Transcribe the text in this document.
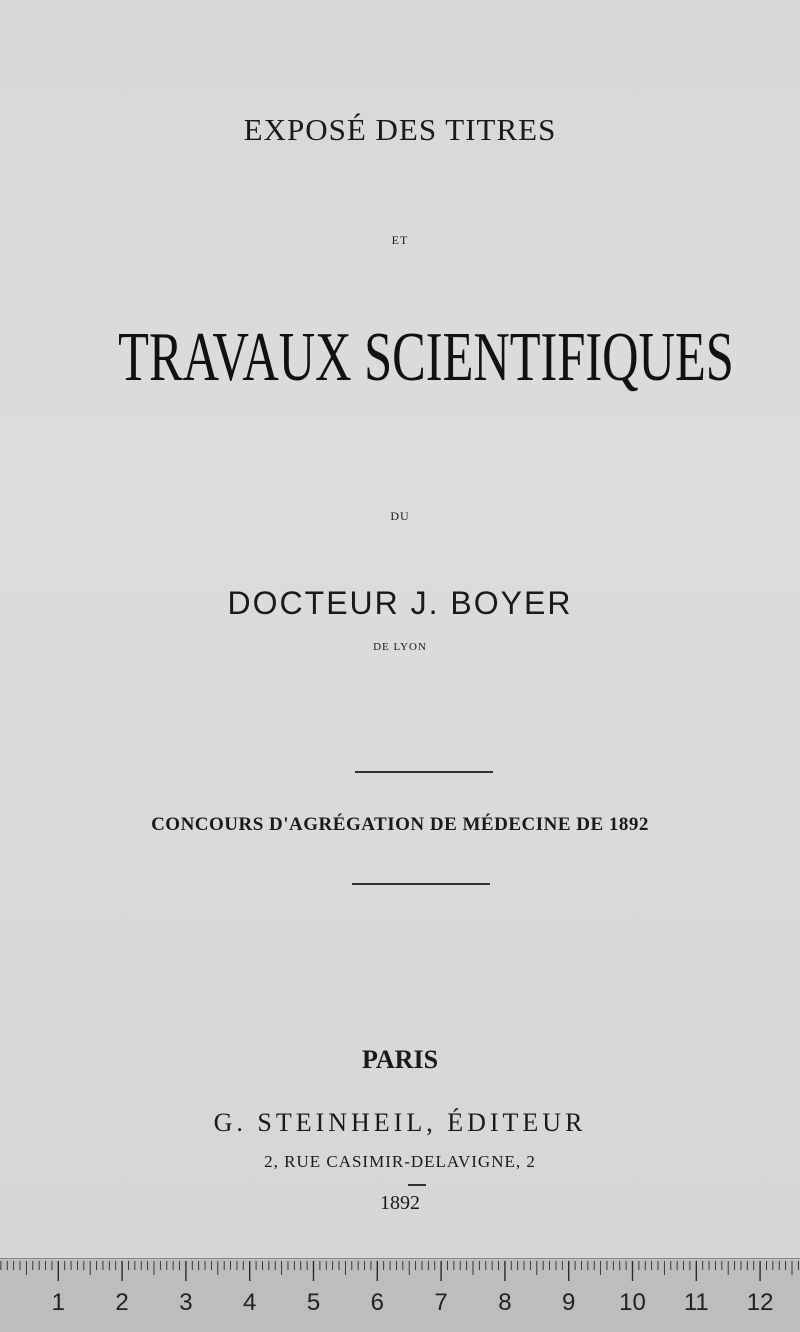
EXPOSÉ DES TITRES
ET
TRAVAUX SCIENTIFIQUES
DU
DOCTEUR J. BOYER
DE LYON
CONCOURS D'AGRÉGATION DE MÉDECINE DE 1892
PARIS
G. STEINHEIL, ÉDITEUR
2, RUE CASIMIR-DELAVIGNE, 2
1892
1 2 3 4 5 6 7 8 9 10 11 12
